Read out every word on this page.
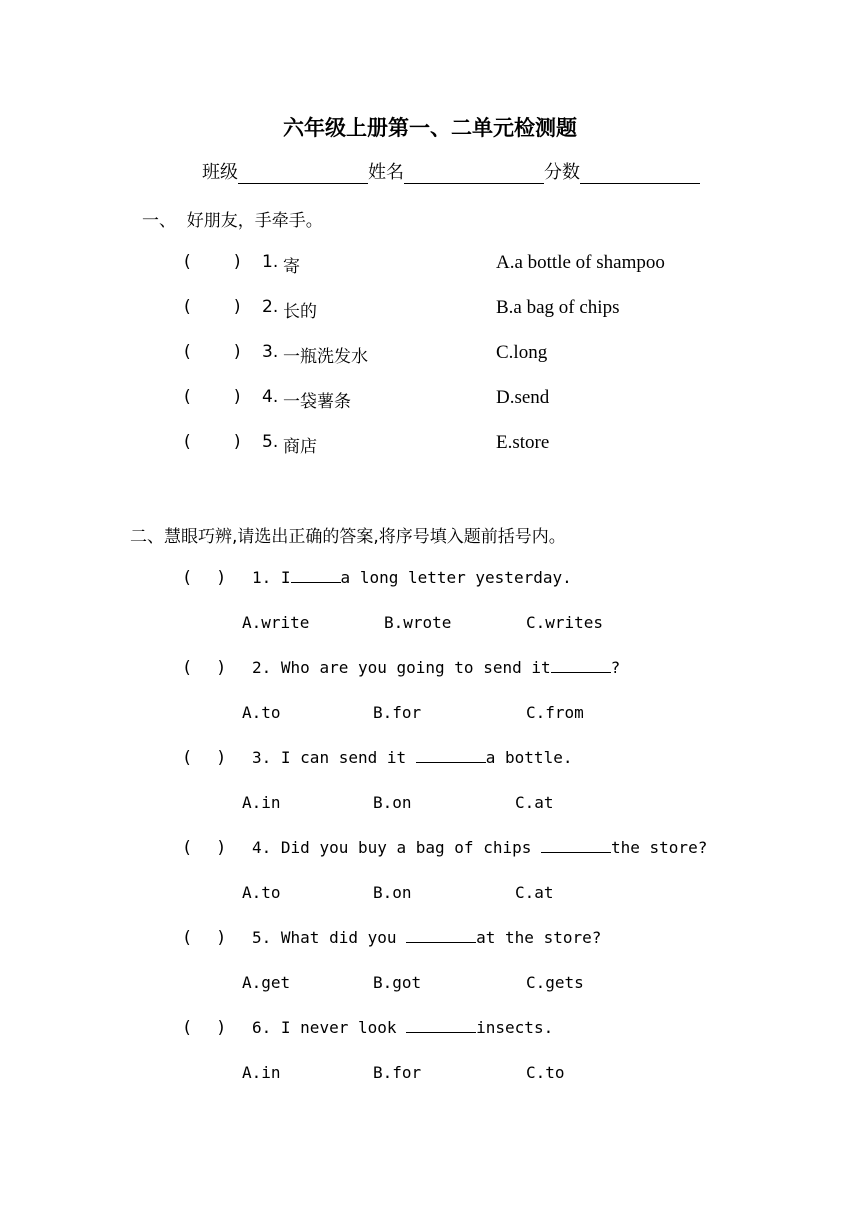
六年级上册第一、二单元检测题
班级	姓名	分数
一、  好朋友，手牵手。
(        ) 1. 寄	A.a bottle of shampoo
(        ) 2. 长的	B.a bag of chips
(        ) 3. 一瓶洗发水	C.long
(        ) 4. 一袋薯条	D.send
(        ) 5. 商店	E.store
二、慧眼巧辨,请选出正确的答案,将序号填入题前括号内。
(     ) 1. I	a long letter yesterday.
A.write	B.wrote	C.writes
(     ) 2. Who are you going to send it	?
A.to	B.for	C.from
(     ) 3. I can send it	a bottle.
A.in	B.on	C.at
(     ) 4. Did you buy a bag of chips	the store?
A.to	B.on	C.at
(     ) 5. What did you	at the store?
A.get	B.got	C.gets
(     ) 6. I never look	insects.
A.in	B.for	C.to
